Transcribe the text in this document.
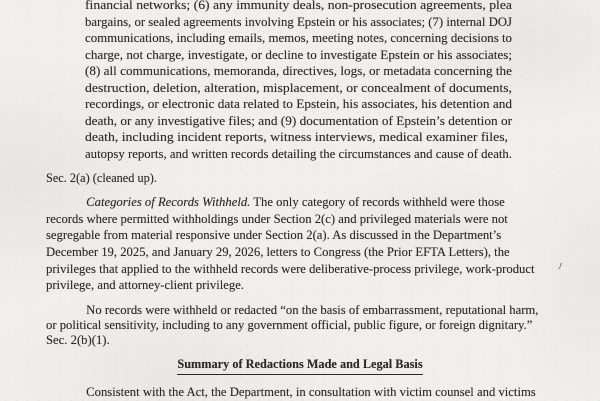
financial networks; (6) any immunity deals, non-prosecution agreements, plea
bargains, or sealed agreements involving Epstein or his associates; (7) internal DOJ
communications, including emails, memos, meeting notes, concerning decisions to
charge, not charge, investigate, or decline to investigate Epstein or his associates;
(8) all communications, memoranda, directives, logs, or metadata concerning the
destruction, deletion, alteration, misplacement, or concealment of documents,
recordings, or electronic data related to Epstein, his associates, his detention and
death, or any investigative files; and (9) documentation of Epstein’s detention or
death, including incident reports, witness interviews, medical examiner files,
autopsy reports, and written records detailing the circumstances and cause of death.
Sec. 2(a) (cleaned up).
Categories of Records Withheld. The only category of records withheld were those
records where permitted withholdings under Section 2(c) and privileged materials were not
segregable from material responsive under Section 2(a). As discussed in the Department’s
December 19, 2025, and January 29, 2026, letters to Congress (the Prior EFTA Letters), the
privileges that applied to the withheld records were deliberative-process privilege, work-product
privilege, and attorney-client privilege.
No records were withheld or redacted “on the basis of embarrassment, reputational harm,
or political sensitivity, including to any government official, public figure, or foreign dignitary.”
Sec. 2(b)(1).
Summary of Redactions Made and Legal Basis
Consistent with the Act, the Department, in consultation with victim counsel and victims
